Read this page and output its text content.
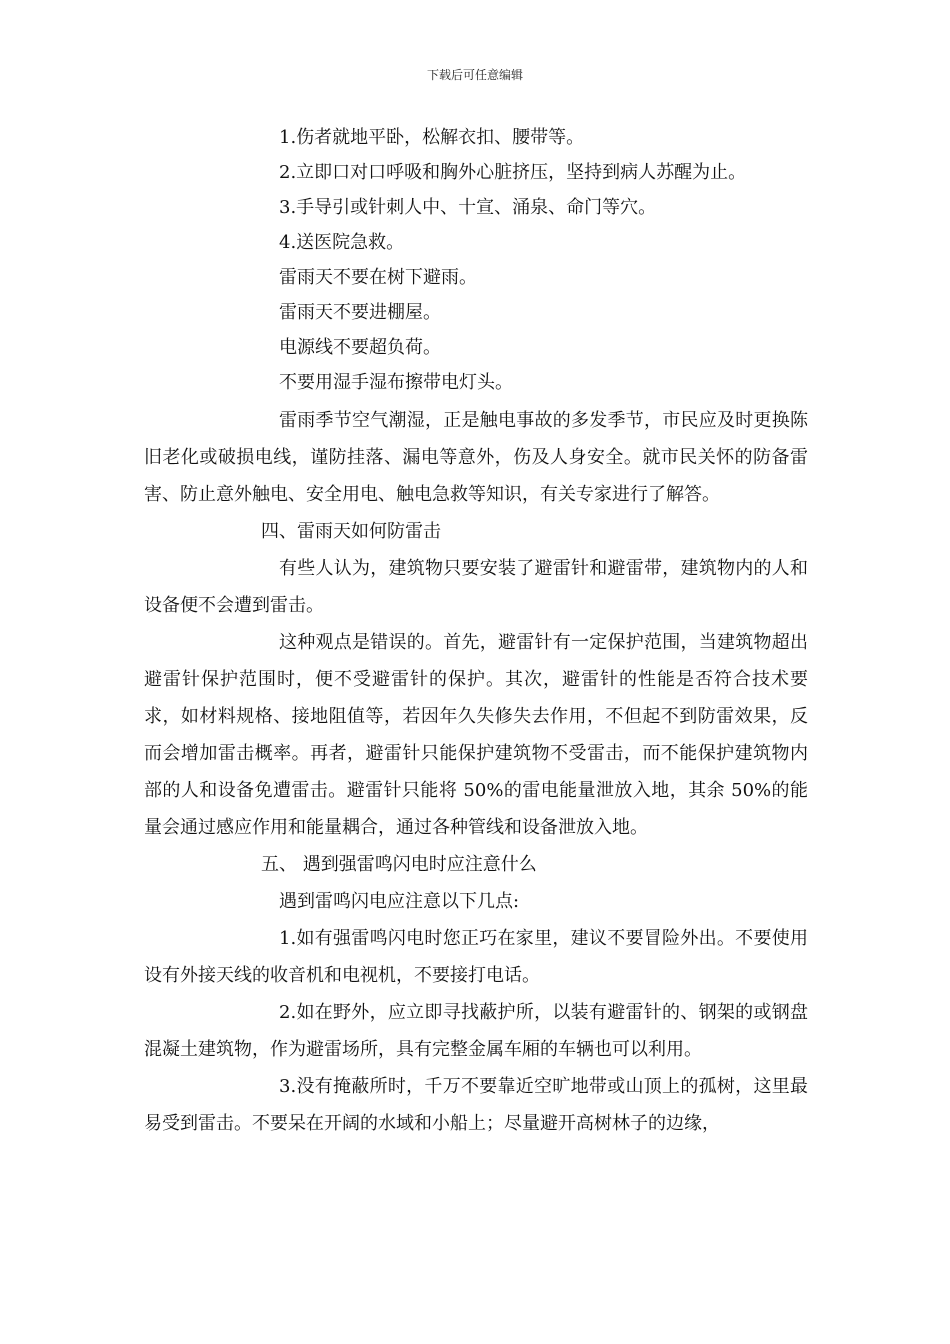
下载后可任意编辑
1.伤者就地平卧，松解衣扣、腰带等。
2.立即口对口呼吸和胸外心脏挤压，坚持到病人苏醒为止。
3.手导引或针刺人中、十宣、涌泉、命门等穴。
4.送医院急救。
雷雨天不要在树下避雨。
雷雨天不要进棚屋。
电源线不要超负荷。
不要用湿手湿布擦带电灯头。

雷雨季节空气潮湿，正是触电事故的多发季节，市民应及时更换陈旧老化或破损电线，谨防挂落、漏电等意外，伤及人身安全。就市民关怀的防备雷害、防止意外触电、安全用电、触电急救等知识，有关专家进行了解答。

四、雷雨天如何防雷击

有些人认为，建筑物只要安装了避雷针和避雷带，建筑物内的人和设备便不会遭到雷击。

这种观点是错误的。首先，避雷针有一定保护范围，当建筑物超出避雷针保护范围时，便不受避雷针的保护。其次，避雷针的性能是否符合技术要求，如材料规格、接地阻值等，若因年久失修失去作用，不但起不到防雷效果，反而会增加雷击概率。再者，避雷针只能保护建筑物不受雷击，而不能保护建筑物内部的人和设备免遭雷击。避雷针只能将 50%的雷电能量泄放入地，其余 50%的能量会通过感应作用和能量耦合，通过各种管线和设备泄放入地。

五、 遇到强雷鸣闪电时应注意什么

遇到雷鸣闪电应注意以下几点:

1.如有强雷鸣闪电时您正巧在家里，建议不要冒险外出。不要使用设有外接天线的收音机和电视机，不要接打电话。

2.如在野外，应立即寻找蔽护所，以装有避雷针的、钢架的或钢盘混凝土建筑物，作为避雷场所，具有完整金属车厢的车辆也可以利用。

3.没有掩蔽所时，千万不要靠近空旷地带或山顶上的孤树，这里最易受到雷击。不要呆在开阔的水域和小船上；尽量避开高树林子的边缘，
